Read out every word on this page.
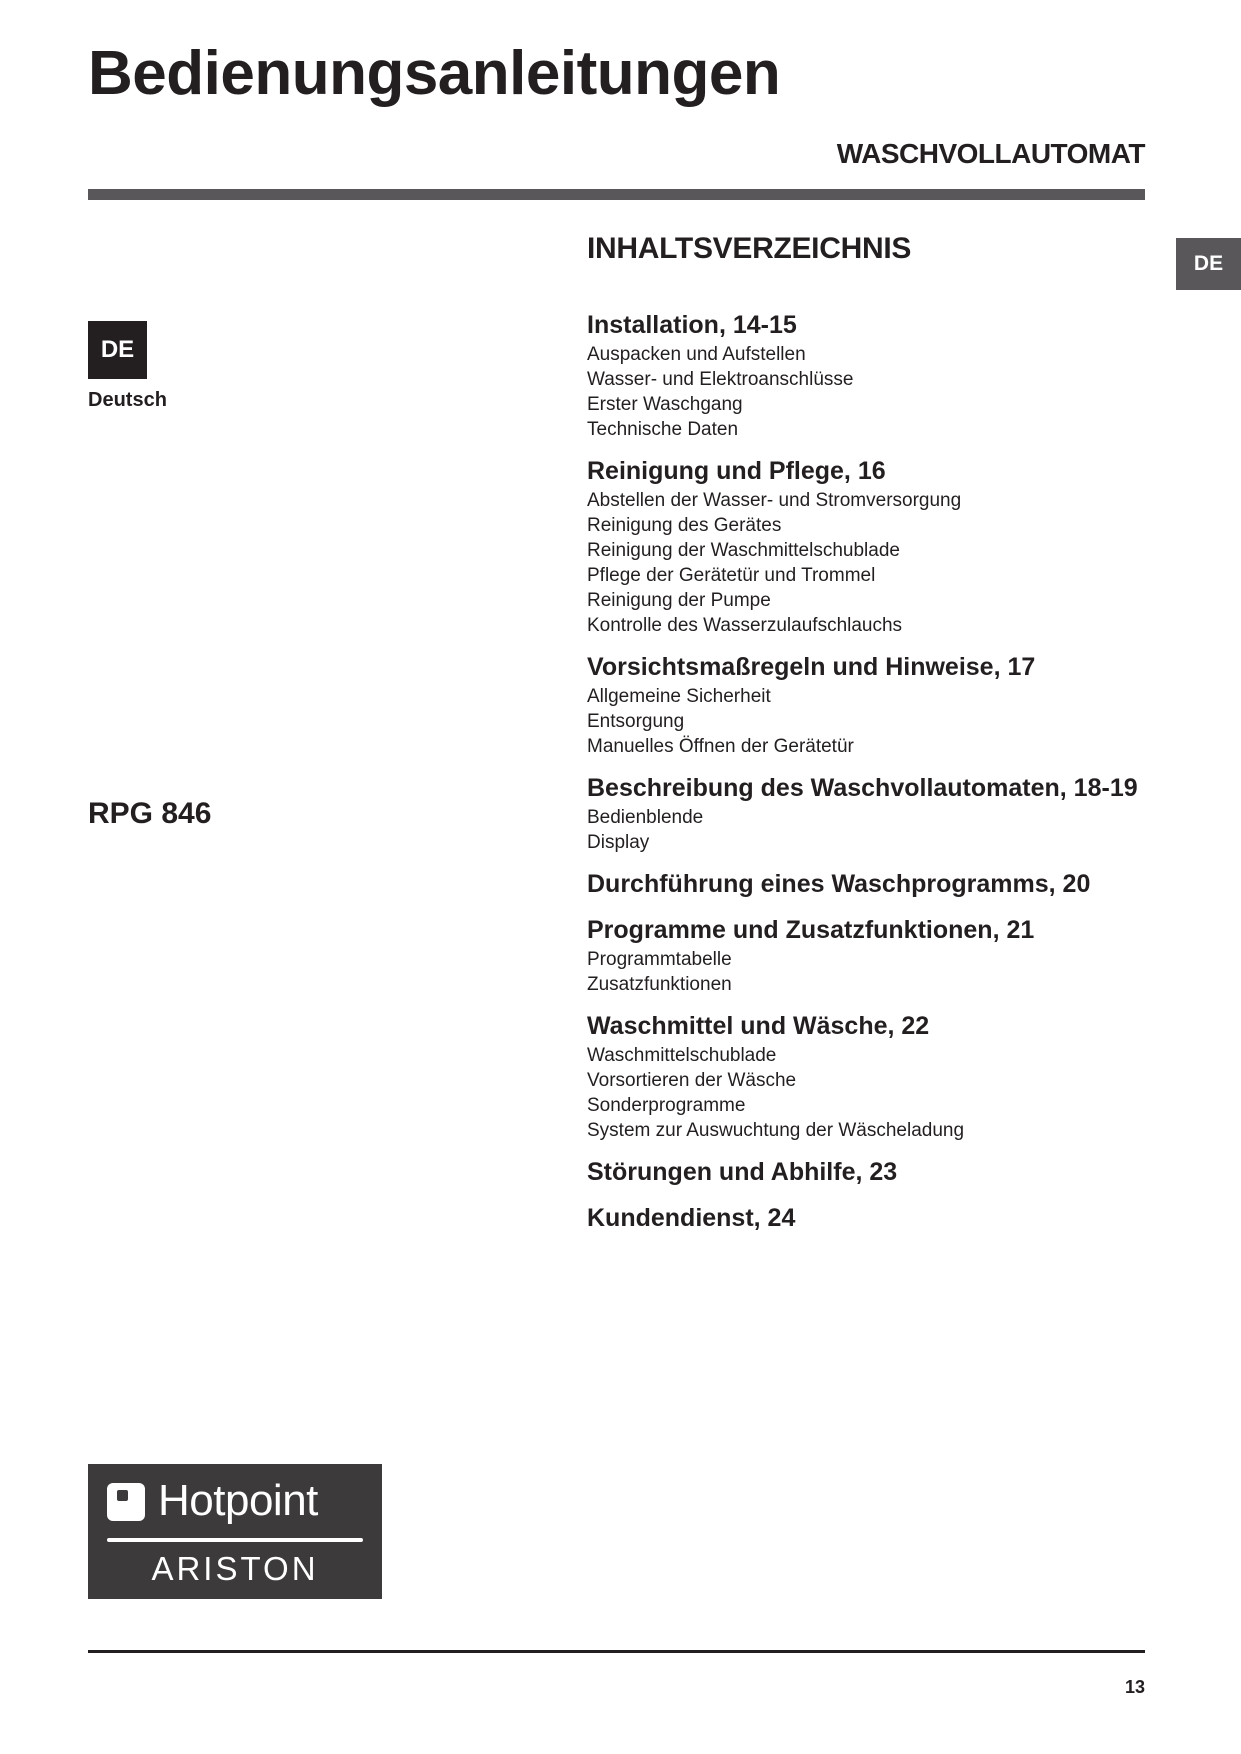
Bedienungsanleitungen
WASCHVOLLAUTOMAT
DE
DE
Deutsch
RPG 846
INHALTSVERZEICHNIS
Installation, 14-15
Auspacken und Aufstellen
Wasser- und Elektroanschlüsse
Erster Waschgang
Technische Daten
Reinigung und Pflege, 16
Abstellen der Wasser- und Stromversorgung
Reinigung des Gerätes
Reinigung der Waschmittelschublade
Pflege der Gerätetür und Trommel
Reinigung der Pumpe
Kontrolle des Wasserzulaufschlauchs
Vorsichtsmaßregeln und Hinweise, 17
Allgemeine Sicherheit
Entsorgung
Manuelles Öffnen der Gerätetür
Beschreibung des Waschvollautomaten, 18-19
Bedienblende
Display
Durchführung eines Waschprogramms, 20
Programme und Zusatzfunktionen, 21
Programmtabelle
Zusatzfunktionen
Waschmittel und Wäsche, 22
Waschmittelschublade
Vorsortieren der Wäsche
Sonderprogramme
System zur Auswuchtung der Wäscheladung
Störungen und Abhilfe, 23
Kundendienst, 24
Hotpoint
ARISTON
13
